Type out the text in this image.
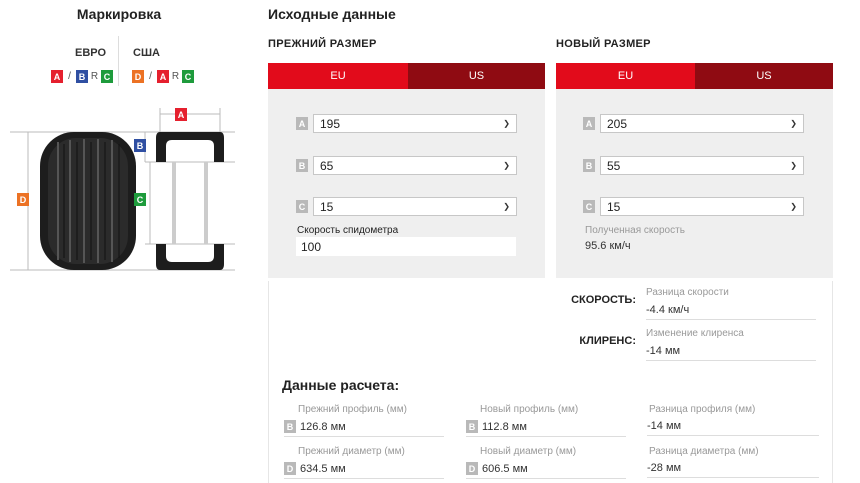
Маркировка
ЕВРО США
A / B R C	D / A R C
A
B
C
D
Исходные данные
ПРЕЖНИЙ РАЗМЕР
EU	US
A 195	❯
B 65	❯
C 15	❯
Скорость спидометра
100
НОВЫЙ РАЗМЕР
EU	US
A 205	❯
B 55	❯
C 15	❯
Полученная скорость
95.6 км/ч
СКОРОСТЬ:
Разница скорости
-4.4 км/ч
КЛИРЕНС:
Изменение клиренса
-14 мм
Данные расчета:
Прежний профиль (мм)
B 126.8 мм
Новый профиль (мм)
B 112.8 мм
Разница профиля (мм)
-14 мм
Прежний диаметр (мм)
D 634.5 мм
Новый диаметр (мм)
D 606.5 мм
Разница диаметра (мм)
-28 мм
